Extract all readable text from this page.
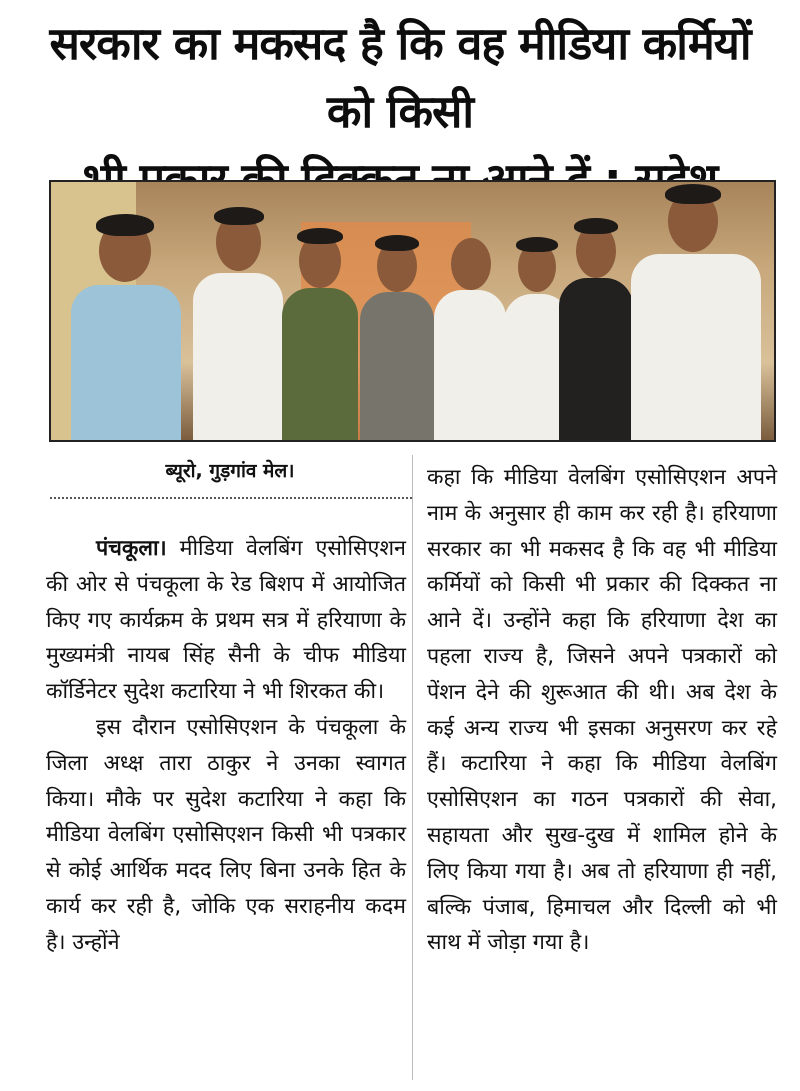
सरकार का मकसद है कि वह मीडिया कर्मियों को किसी
ब्यूरो, गुड़गांव मेल।

पंचकूला। मीडिया वेलबिंग एसोसिएशन की ओर से पंचकूला के रेड बिशप में आयोजित किए गए कार्यक्रम के प्रथम सत्र में हरियाणा के मुख्यमंत्री नायब सिंह सैनी के चीफ मीडिया कॉर्डिनेटर सुदेश कटारिया ने भी शिरकत की।

इस दौरान एसोसिएशन के पंचकूला के जिला अध्क्ष तारा ठाकुर ने उनका स्वागत किया। मौके पर सुदेश कटारिया ने कहा कि मीडिया वेलबिंग एसोसिएशन किसी भी पत्रकार से कोई आर्थिक मदद लिए बिना उनके हित के कार्य कर रही है, जोकि एक सराहनीय कदम है। उन्होंने

कहा कि मीडिया वेलबिंग एसोसिएशन अपने नाम के अनुसार ही काम कर रही है। हरियाणा सरकार का भी मकसद है कि वह भी मीडिया कर्मियों को किसी भी प्रकार की दिक्कत ना आने दें। उन्होंने कहा कि हरियाणा देश का पहला राज्य है, जिसने अपने पत्रकारों को पेंशन देने की शुरूआत की थी। अब देश के कई अन्य राज्य भी इसका अनुसरण कर रहे हैं। कटारिया ने कहा कि मीडिया वेलबिंग एसोसिएशन का गठन पत्रकारों की सेवा, सहायता और सुख-दुख में शामिल होने के लिए किया गया है। अब तो हरियाणा ही नहीं, बल्कि पंजाब, हिमाचल और दिल्ली को भी साथ में जोड़ा गया है।
